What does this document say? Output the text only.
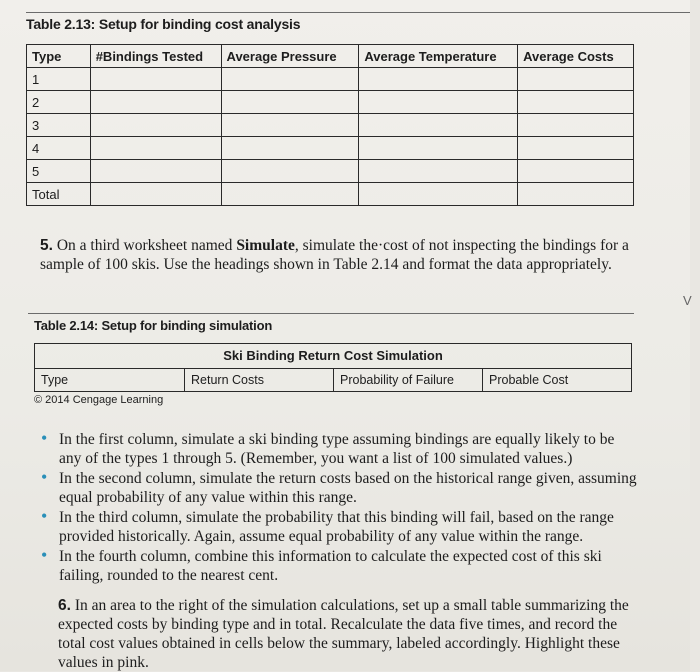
Table 2.13: Setup for binding cost analysis
Type	#Bindings Tested	Average Pressure	Average Temperature	Average Costs
1				
2				
3				
4				
5				
Total				
5. On a third worksheet named Simulate, simulate the·cost of not inspecting the bindings for a sample of 100 skis. Use the headings shown in Table 2.14 and format the data appropriately.
Table 2.14: Setup for binding simulation
Ski Binding Return Cost Simulation
Type	Return Costs	Probability of Failure	Probable Cost
© 2014 Cengage Learning
• In the first column, simulate a ski binding type assuming bindings are equally likely to be any of the types 1 through 5. (Remember, you want a list of 100 simulated values.)
• In the second column, simulate the return costs based on the historical range given, assuming equal probability of any value within this range.
• In the third column, simulate the probability that this binding will fail, based on the range provided historically. Again, assume equal probability of any value within the range.
• In the fourth column, combine this information to calculate the expected cost of this ski failing, rounded to the nearest cent.
6. In an area to the right of the simulation calculations, set up a small table summarizing the expected costs by binding type and in total. Recalculate the data five times, and record the total cost values obtained in cells below the summary, labeled accordingly. Highlight these values in pink.
V
